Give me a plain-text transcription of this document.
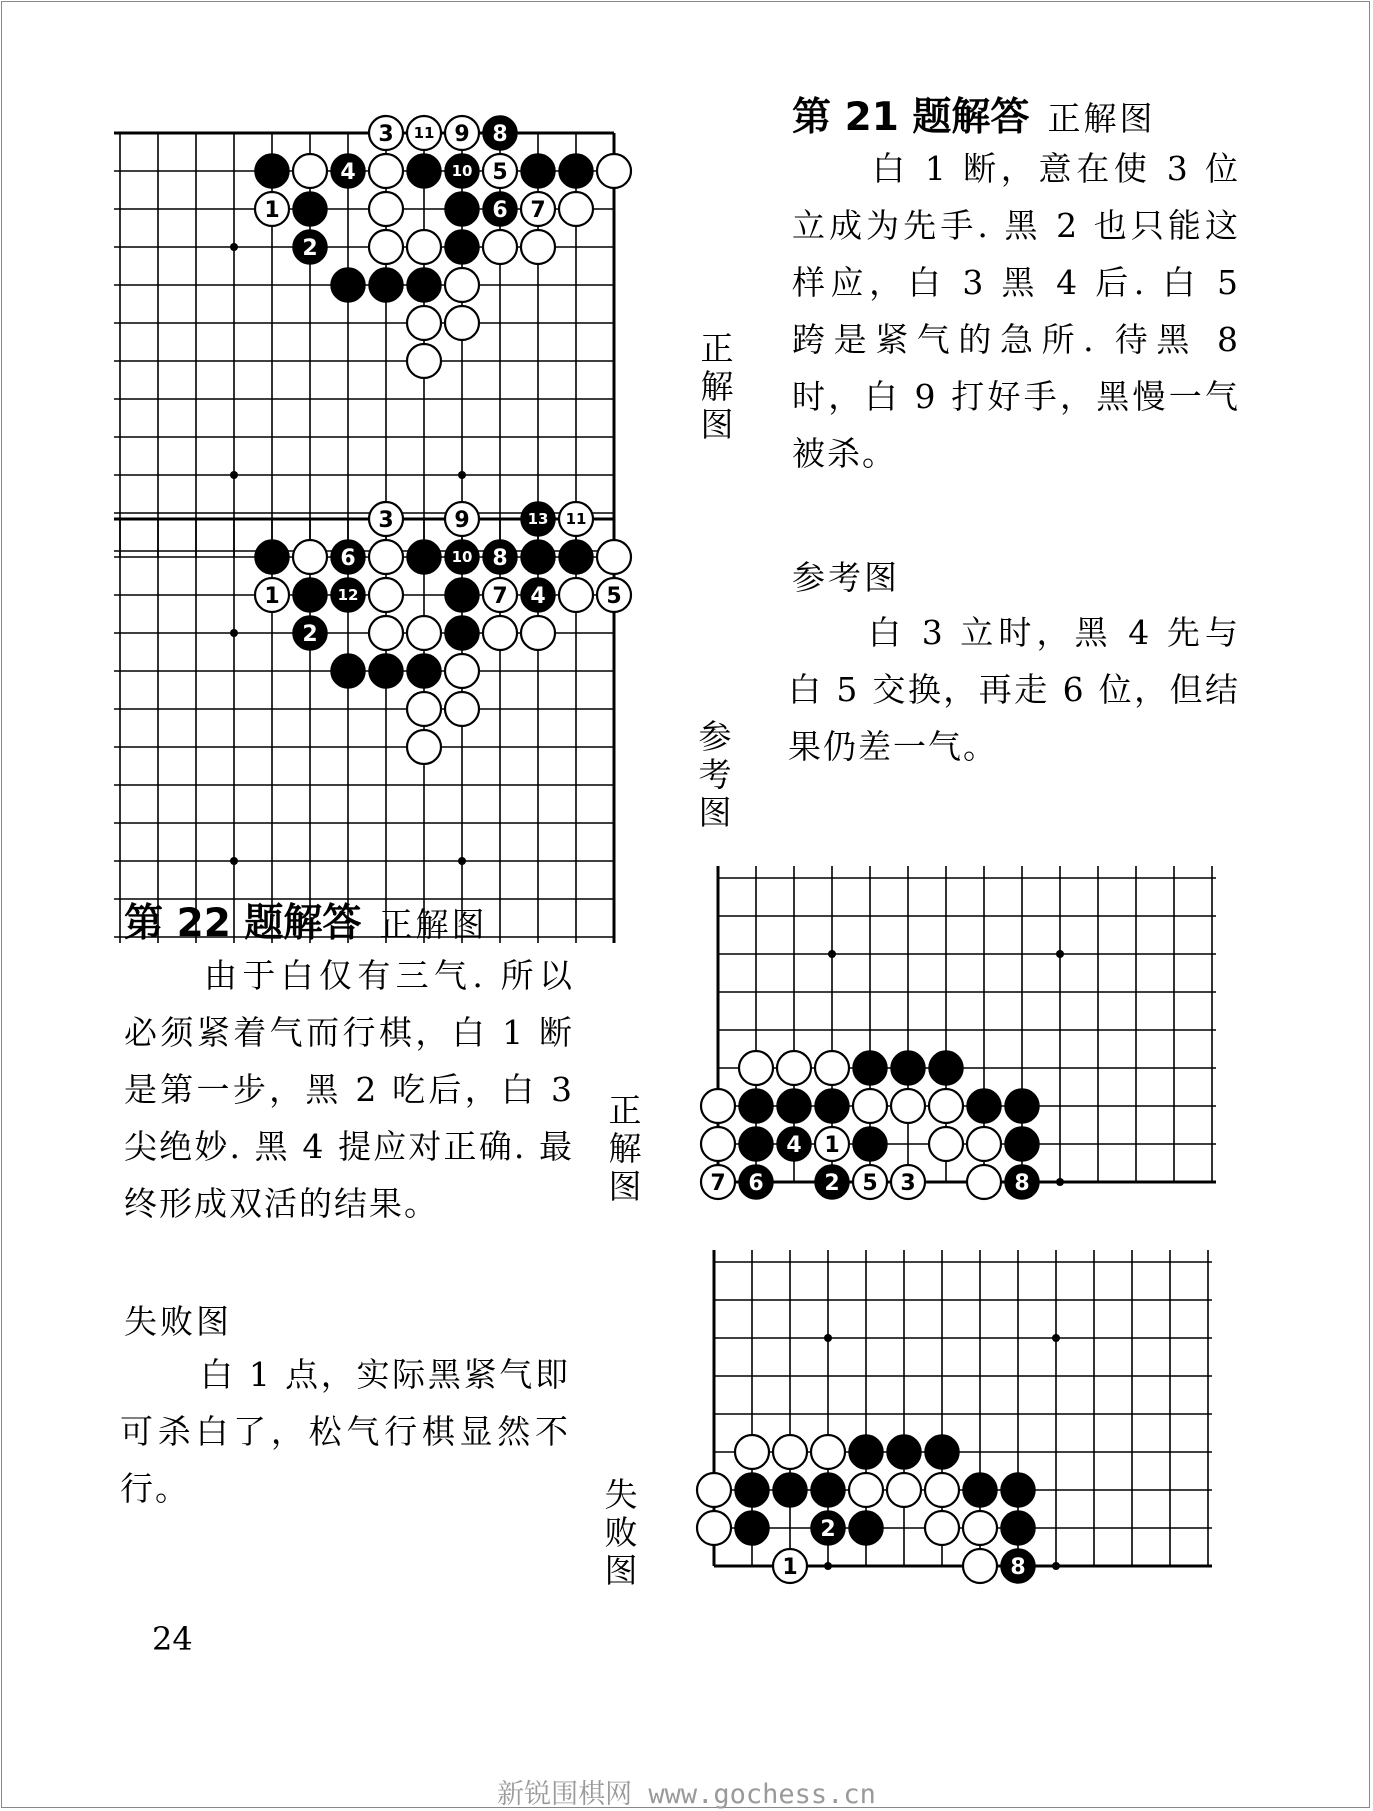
3 11 9 8
4	10 5
1	6 7
2
正解图
3	9	13 11
6	10 8
1	12	7 4	5
2
参考图
第 21 题解答 正解图
白 1 断，意在使 3 位立成为先手. 黑 2 也只能这样应，白 3 黑 4 后. 白 5 跨是紧气的急所. 待黑 8 时，白 9 打好手，黑慢一气被杀。
参考图
白 3 立时，黑 4 先与白 5 交换，再走 6 位，但结果仍差一气。
第 22 题解答 正解图
由于白仅有三气. 所以必须紧着气而行棋，白 1 断是第一步，黑 2 吃后，白 3 尖绝妙. 黑 4 提应对正确. 最终形成双活的结果。
失败图
白 1 点，实际黑紧气即可杀白了，松气行棋显然不行。
4 1
7 6	2 5 3	8
正解图
2
1	8
失败图
24
新锐围棋网 www.gochess.cn
